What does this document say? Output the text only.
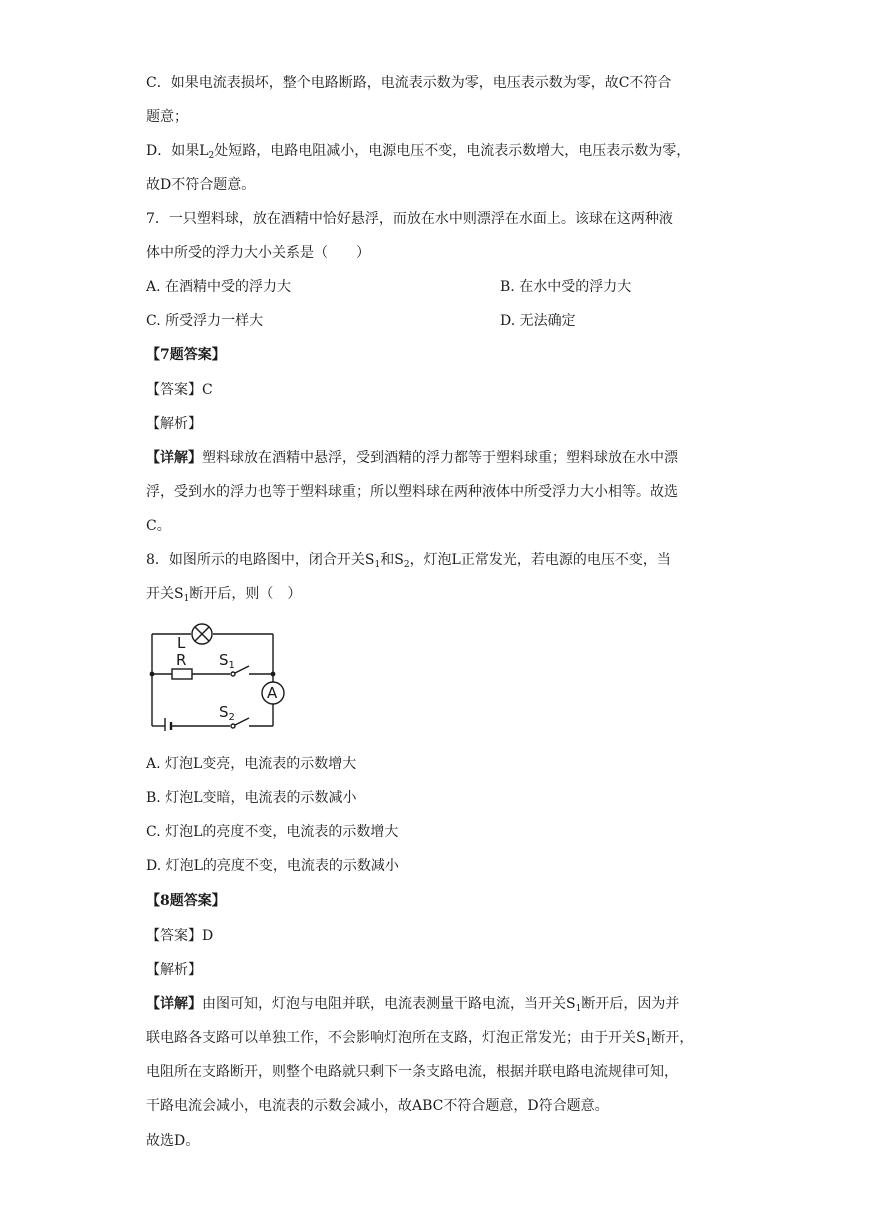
C．如果电流表损坏，整个电路断路，电流表示数为零，电压表示数为零，故C不符合
题意；
D．如果$L_2$处短路，电路电阻减小，电源电压不变，电流表示数增大，电压表示数为零，
故D不符合题意。
7．一只塑料球，放在酒精中恰好悬浮，而放在水中则漂浮在水面上。该球在这两种液
体中所受的浮力大小关系是（　　）
A. 在酒精中受的浮力大	B. 在水中受的浮力大
C. 所受浮力一样大	D. 无法确定
【7题答案】
【答案】C
【解析】
【详解】塑料球放在酒精中悬浮，受到酒精的浮力都等于塑料球重；塑料球放在水中漂
浮，受到水的浮力也等于塑料球重；所以塑料球在两种液体中所受浮力大小相等。故选
C。
8．如图所示的电路图中，闭合开关$S_1$和$S_2$，灯泡L正常发光，若电源的电压不变，当
开关$S_1$断开后，则（　）
L
R $S_1$
$S_2$
A
A. 灯泡L变亮，电流表的示数增大
B. 灯泡L变暗，电流表的示数减小
C. 灯泡L的亮度不变，电流表的示数增大
D. 灯泡L的亮度不变，电流表的示数减小
【8题答案】
【答案】D
【解析】
【详解】由图可知，灯泡与电阻并联，电流表测量干路电流，当开关$S_1$断开后，因为并
联电路各支路可以单独工作，不会影响灯泡所在支路，灯泡正常发光；由于开关$S_1$断开，
电阻所在支路断开，则整个电路就只剩下一条支路电流，根据并联电路电流规律可知，
干路电流会减小，电流表的示数会减小，故ABC不符合题意，D符合题意。
故选D。
